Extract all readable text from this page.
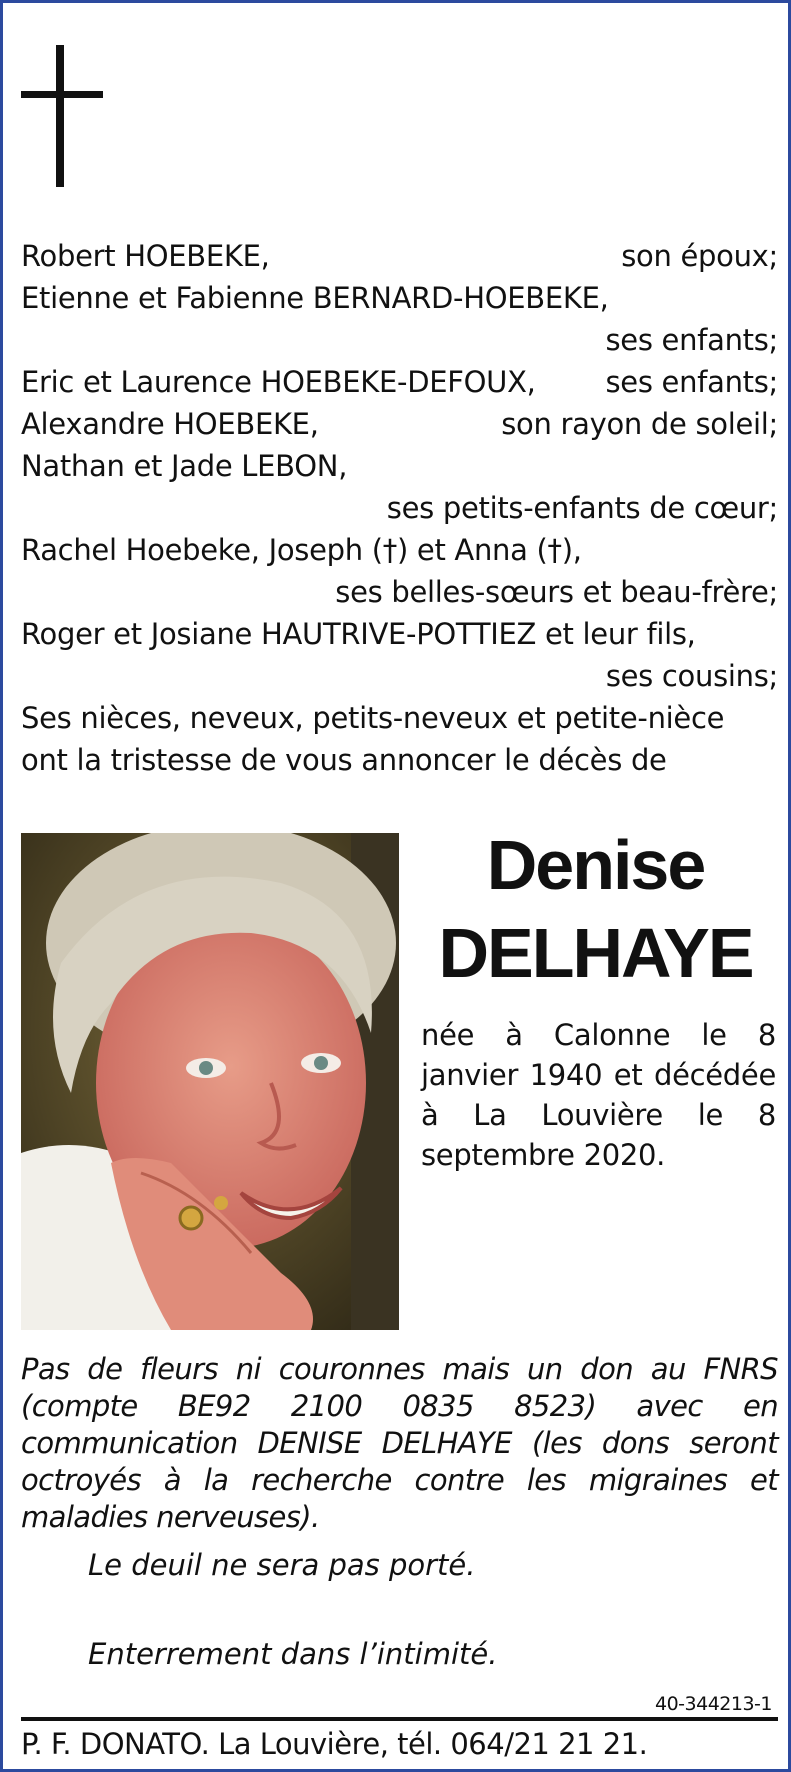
Robert HOEBEKE,	son époux;
Etienne et Fabienne BERNARD-HOEBEKE,
ses enfants;
Eric et Laurence HOEBEKE-DEFOUX, ses enfants;
Alexandre HOEBEKE,	son rayon de soleil;
Nathan et Jade LEBON,
ses petits-enfants de cœur;
Rachel Hoebeke, Joseph (†) et Anna (†),
ses belles-sœurs et beau-frère;
Roger et Josiane HAUTRIVE-POTTIEZ et leur fils,
ses cousins;
Ses nièces, neveux, petits-neveux et petite-nièce
ont la tristesse de vous annoncer le décès de
Denise
DELHAYE
née à Calonne le 8 janvier 1940 et décédée à La Louvière le 8 septembre 2020.
Pas de fleurs ni couronnes mais un don au FNRS (compte BE92 2100 0835 8523) avec en communication DENISE DELHAYE (les dons seront octroyés à la recherche contre les migraines et maladies nerveuses).
Le deuil ne sera pas porté.
Enterrement dans l’intimité.
40-344213-1
P. F. DONATO. La Louvière, tél. 064/21 21 21.
